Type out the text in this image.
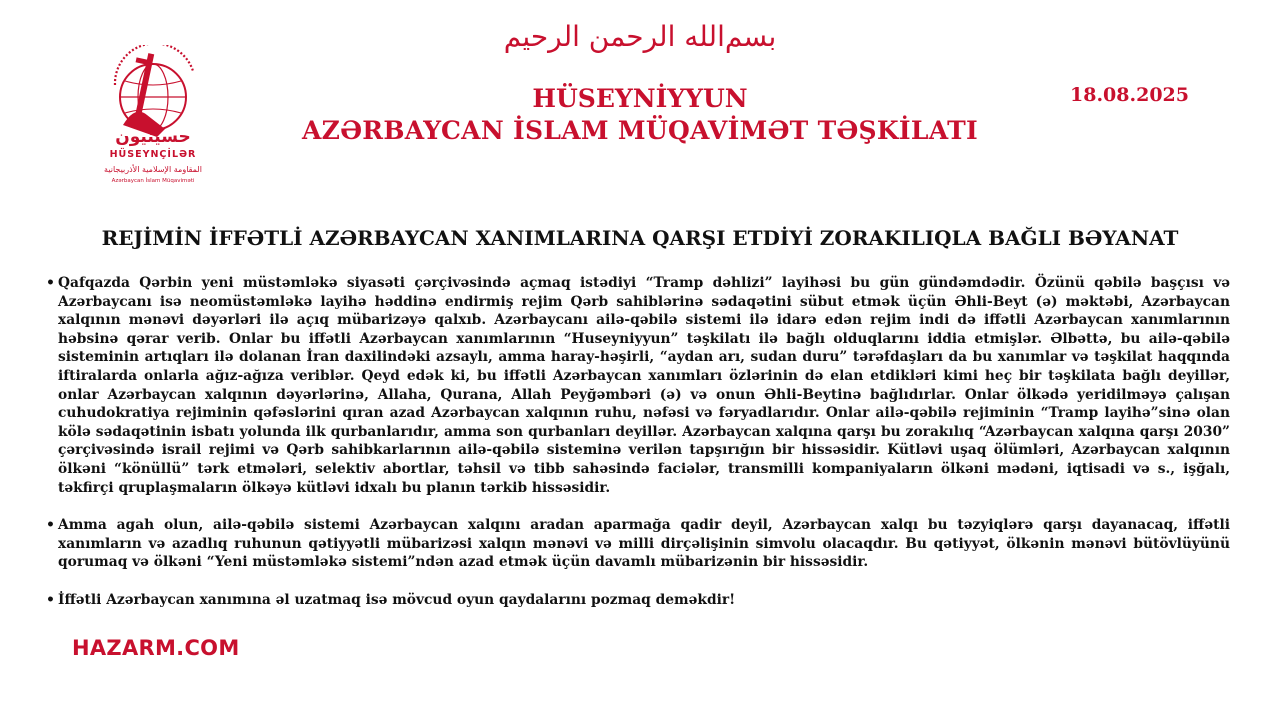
بسم‌الله الرحمن الرحيم
حسينيون
HÜSEYNÇİLƏR
المقاومة الإسلامية الأذربيجانية
Azərbaycan İslam Müqaviməti
HÜSEYNİYYUN
AZƏRBAYCAN İSLAM MÜQAVİMƏT TƏŞKİLATI
18.08.2025
REJİMİN İFFƏTLİ AZƏRBAYCAN XANIMLARINA QARŞI ETDİYİ ZORAKILIQLA BAĞLI BƏYANAT
• Qafqazda Qərbin yeni müstəmləkə siyasəti çərçivəsində açmaq istədiyi “Tramp dəhlizi” layihəsi bu gün gündəmdədir. Özünü qəbilə başçısı və Azərbaycanı isə neomüstəmləkə layihə həddinə endirmiş rejim Qərb sahiblərinə sədaqətini sübut etmək üçün Əhli-Beyt (ə) məktəbi, Azərbaycan xalqının mənəvi dəyərləri ilə açıq mübarizəyə qalxıb. Azərbaycanı ailə-qəbilə sistemi ilə idarə edən rejim indi də iffətli Azərbaycan xanımlarının həbsinə qərar verib. Onlar bu iffətli Azərbaycan xanımlarının “Huseyniyyun” təşkilatı ilə bağlı olduqlarını iddia etmişlər. Əlbəttə, bu ailə-qəbilə sisteminin artıqları ilə dolanan İran daxilindəki azsaylı, amma haray-həşirli, “aydan arı, sudan duru” tərəfdaşları da bu xanımlar və təşkilat haqqında iftiralarda onlarla ağız-ağıza veriblər. Qeyd edək ki, bu iffətli Azərbaycan xanımları özlərinin də elan etdikləri kimi heç bir təşkilata bağlı deyillər, onlar Azərbaycan xalqının dəyərlərinə, Allaha, Qurana, Allah Peyğəmbəri (ə) və onun Əhli-Beytinə bağlıdırlar. Onlar ölkədə yeridilməyə çalışan cuhudokratiya rejiminin qəfəslərini qıran azad Azərbaycan xalqının ruhu, nəfəsi və fəryadlarıdır. Onlar ailə-qəbilə rejiminin “Tramp layihə”sinə olan kölə sədaqətinin isbatı yolunda ilk qurbanlarıdır, amma son qurbanları deyillər. Azərbaycan xalqına qarşı bu zorakılıq “Azərbaycan xalqına qarşı 2030” çərçivəsində israil rejimi və Qərb sahibkarlarının ailə-qəbilə sisteminə verilən tapşırığın bir hissəsidir. Kütləvi uşaq ölümləri, Azərbaycan xalqının ölkəni “könüllü” tərk etmələri, selektiv abortlar, təhsil və tibb sahəsində faciələr, transmilli kompaniyaların ölkəni mədəni, iqtisadi və s., işğalı, təkfirçi qruplaşmaların ölkəyə kütləvi idxalı bu planın tərkib hissəsidir.
• Amma agah olun, ailə-qəbilə sistemi Azərbaycan xalqını aradan aparmağa qadir deyil, Azərbaycan xalqı bu təzyiqlərə qarşı dayanacaq, iffətli xanımların və azadlıq ruhunun qətiyyətli mübarizəsi xalqın mənəvi və milli dirçəlişinin simvolu olacaqdır. Bu qətiyyət, ölkənin mənəvi bütövlüyünü qorumaq və ölkəni “Yeni müstəmləkə sistemi”ndən azad etmək üçün davamlı mübarizənin bir hissəsidir.
• İffətli Azərbaycan xanımına əl uzatmaq isə mövcud oyun qaydalarını pozmaq deməkdir!
HAZARM.COM
